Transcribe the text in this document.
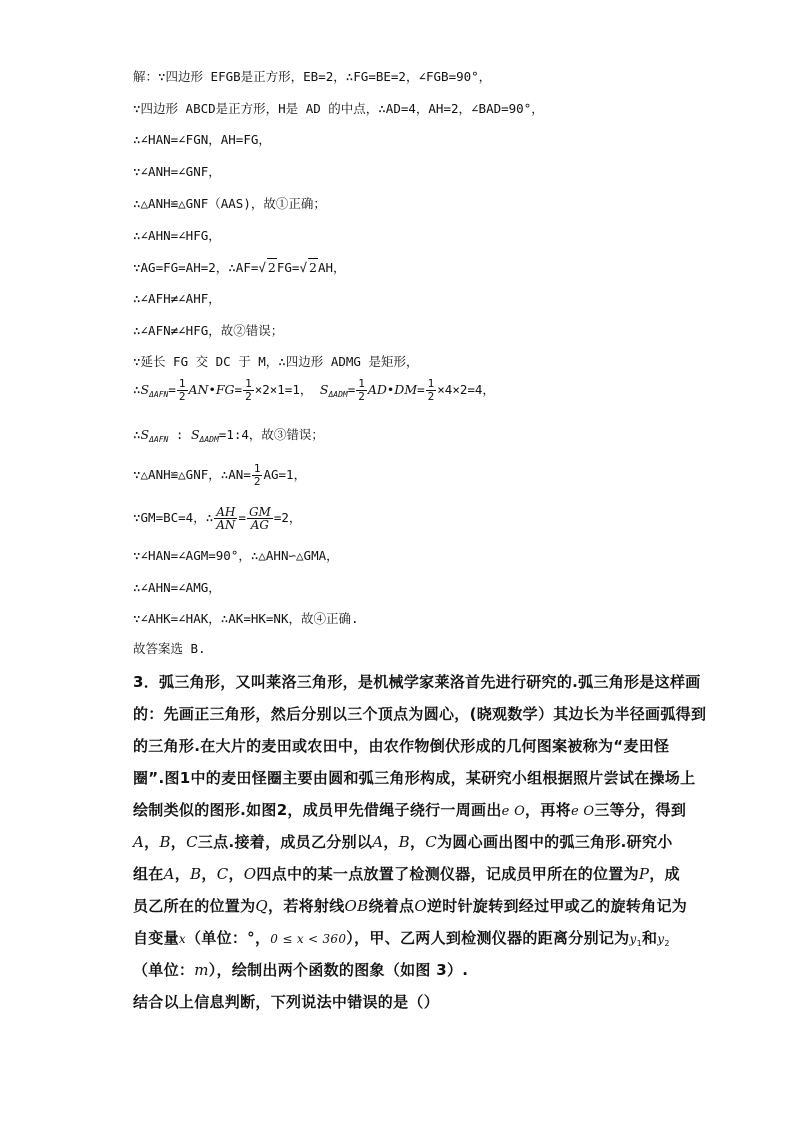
解：∵四边形 EFGB是正方形，EB=2，∴FG=BE=2，∠FGB=90°，
∵四边形 ABCD是正方形，H是 AD 的中点，∴AD=4，AH=2，∠BAD=90°，
∴∠HAN=∠FGN，AH=FG，
∵∠ANH=∠GNF，
∴△ANH≌△GNF（AAS)，故①正确；
∴∠AHN=∠HFG，
∵AG=FG=AH=2，∴AF=√ 2FG=√ 2AH，
∴∠AFH≠∠AHF，
∴∠AFN≠∠HFG，故②错误；
∵延长 FG 交 DC 于 M，∴四边形 ADMG 是矩形，
$\therefore S_{\Delta AFN}= \frac{1}{2}$ AN•FG= $\frac{1}{2} \times 2\times 1=1$， $S_{\Delta ADM}= \frac{1}{2}$ AD•DM= $\frac{1}{2} \times 4\times 2=4$，
$\therefore S_{\Delta AFN}$ : $S_{\Delta ADM}=1:4$，故③错误；
∵△ANH≌△GNF，∴AN= $\frac{1}{2} AG=1$，
∵GM=BC=4，∴ $\frac{AH}{AN} = \frac{GM}{AG} =2$，
∵∠HAN=∠AGM=90°，∴△AHN∽△GMA，
∴∠AHN=∠AMG，
∵∠AHK=∠HAK，∴AK=HK=NK，故④正确.
故答案选 B.
3．弧三角形，又叫莱洛三角形，是机械学家莱洛首先进行研究的.弧三角形是这样画
的：先画正三角形，然后分别以三个顶点为圆心，(晓观数学）其边长为半径画弧得到
的三角形.在大片的麦田或农田中，由农作物倒伏形成的几何图案被称为“麦田怪
圈”.图1中的麦田怪圈主要由圆和弧三角形构成，某研究小组根据照片尝试在操场上
绘制类似的图形.如图2，成员甲先借绳子绕行一周画出e O，再将e O三等分，得到
A，B，C三点.接着，成员乙分别以A，B，C为圆心画出图中的弧三角形.研究小
组在A，B，C，O四点中的某一点放置了检测仪器，记成员甲所在的位置为P，成
员乙所在的位置为Q，若将射线OB绕着点O逆时针旋转到经过甲或乙的旋转角记为
自变量x（单位：°，0 ≤ x < 360），甲、乙两人到检测仪器的距离分别记为$y_1$和$y_2$
（单位：m），绘制出两个函数的图象（如图 3）.
结合以上信息判断，下列说法中错误的是（）
